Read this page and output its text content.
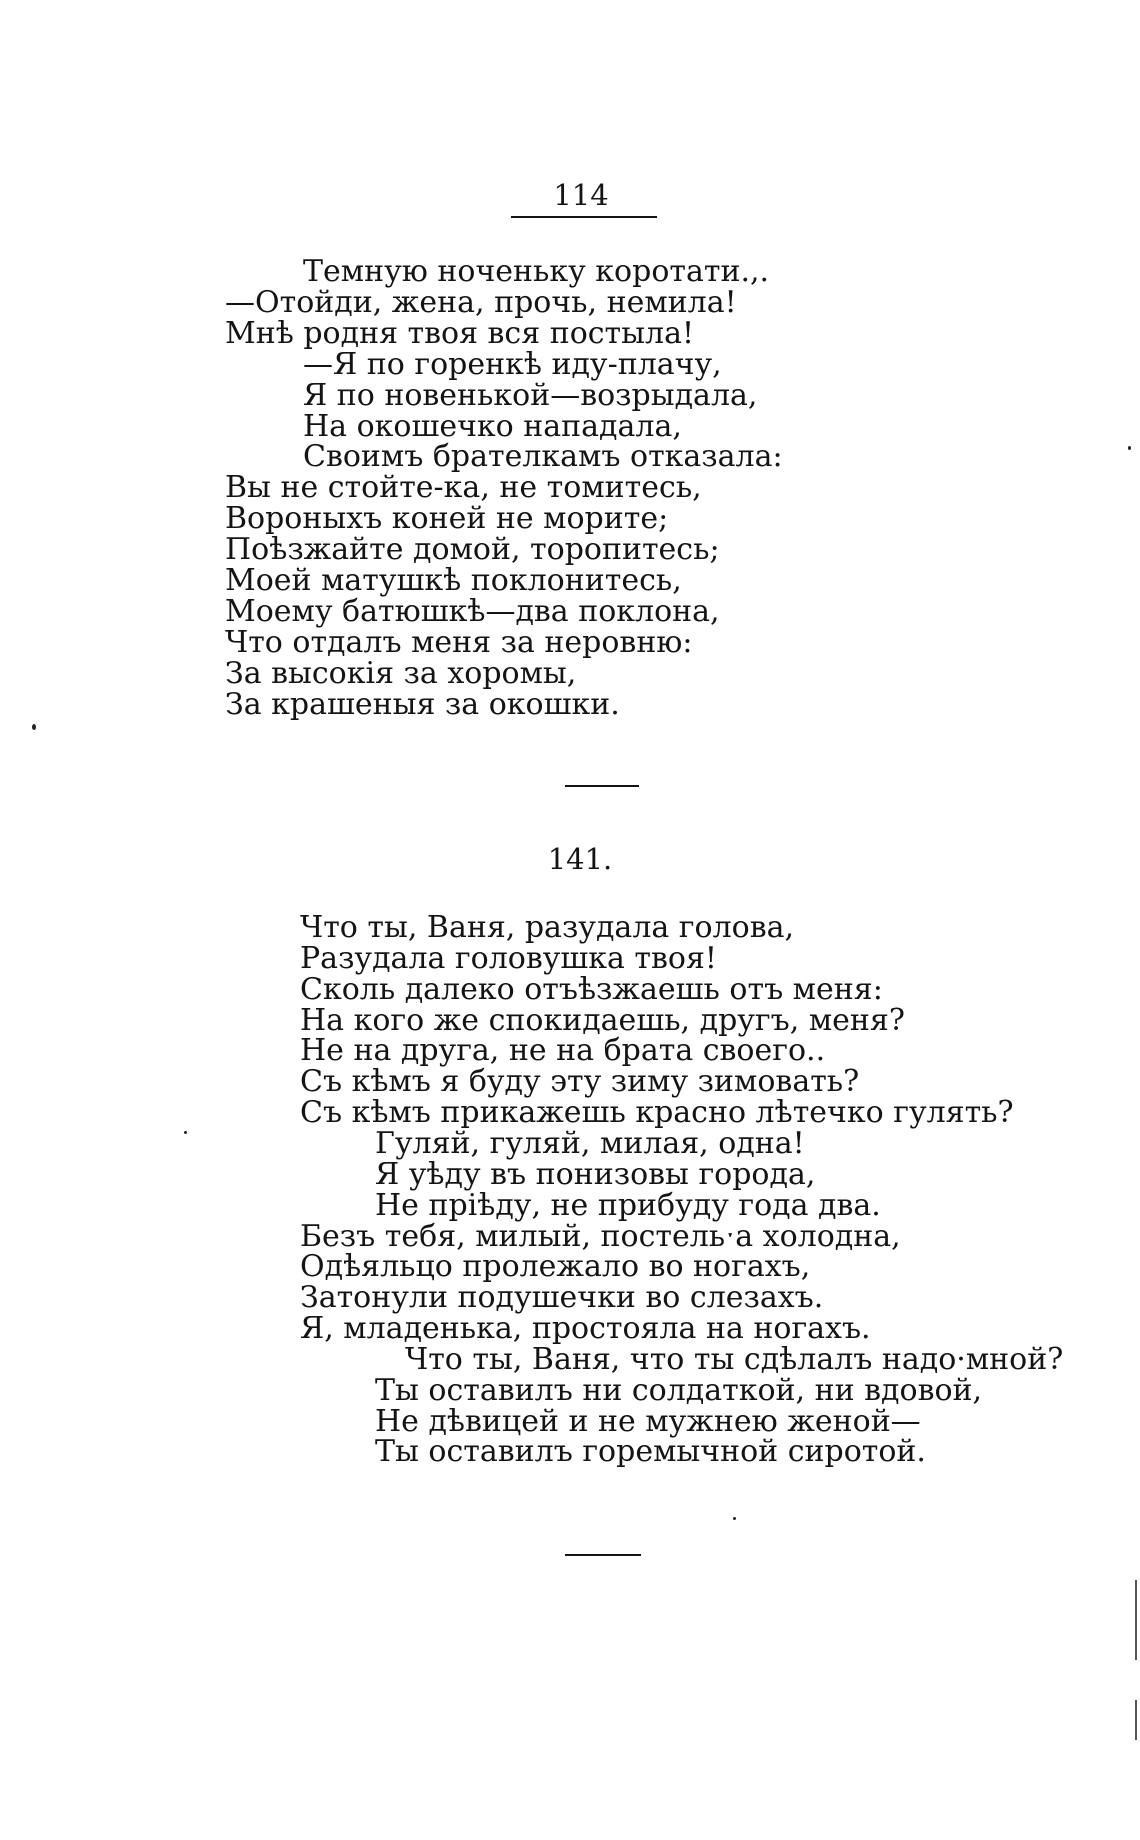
114
Темную ноченьку коротати.,.
—Отойди, жена, прочь, немила!
Мнѣ родня твоя вся постыла!
—Я по горенкѣ иду-плачу,
Я по новенькой—возрыдала,
На окошечко нападала,
Своимъ брателкамъ отказала:
Вы не стойте-ка, не томитесь,
Вороныхъ коней не морите;
Поѣзжайте домой, торопитесь;
Моей матушкѣ поклонитесь,
Моему батюшкѣ—два поклона,
Что отдалъ меня за неровню:
За высокія за хоромы,
За крашеныя за окошки.
141.
Что ты, Ваня, разудала голова,
Разудала головушка твоя!
Сколь далеко отъѣзжаешь отъ меня:
На кого же спокидаешь, другъ, меня?
Не на друга, не на брата своего..
Съ кѣмъ я буду эту зиму зимовать?
Съ кѣмъ прикажешь красно лѣтечко гулять?
Гуляй, гуляй, милая, одна!
Я уѣду въ понизовы города,
Не пріѣду, не прибуду года два.
Безъ тебя, милый, постельˑа холодна,
Одѣяльцо пролежало во ногахъ,
Затонули подушечки во слезахъ.
Я, младенька, простояла на ногахъ.
Что ты, Ваня, что ты сдѣлалъ надо·мной?
Ты оставилъ ни солдаткой, ни вдовой,
Не дѣвицей и не мужнею женой—
Ты оставилъ горемычной сиротой.
